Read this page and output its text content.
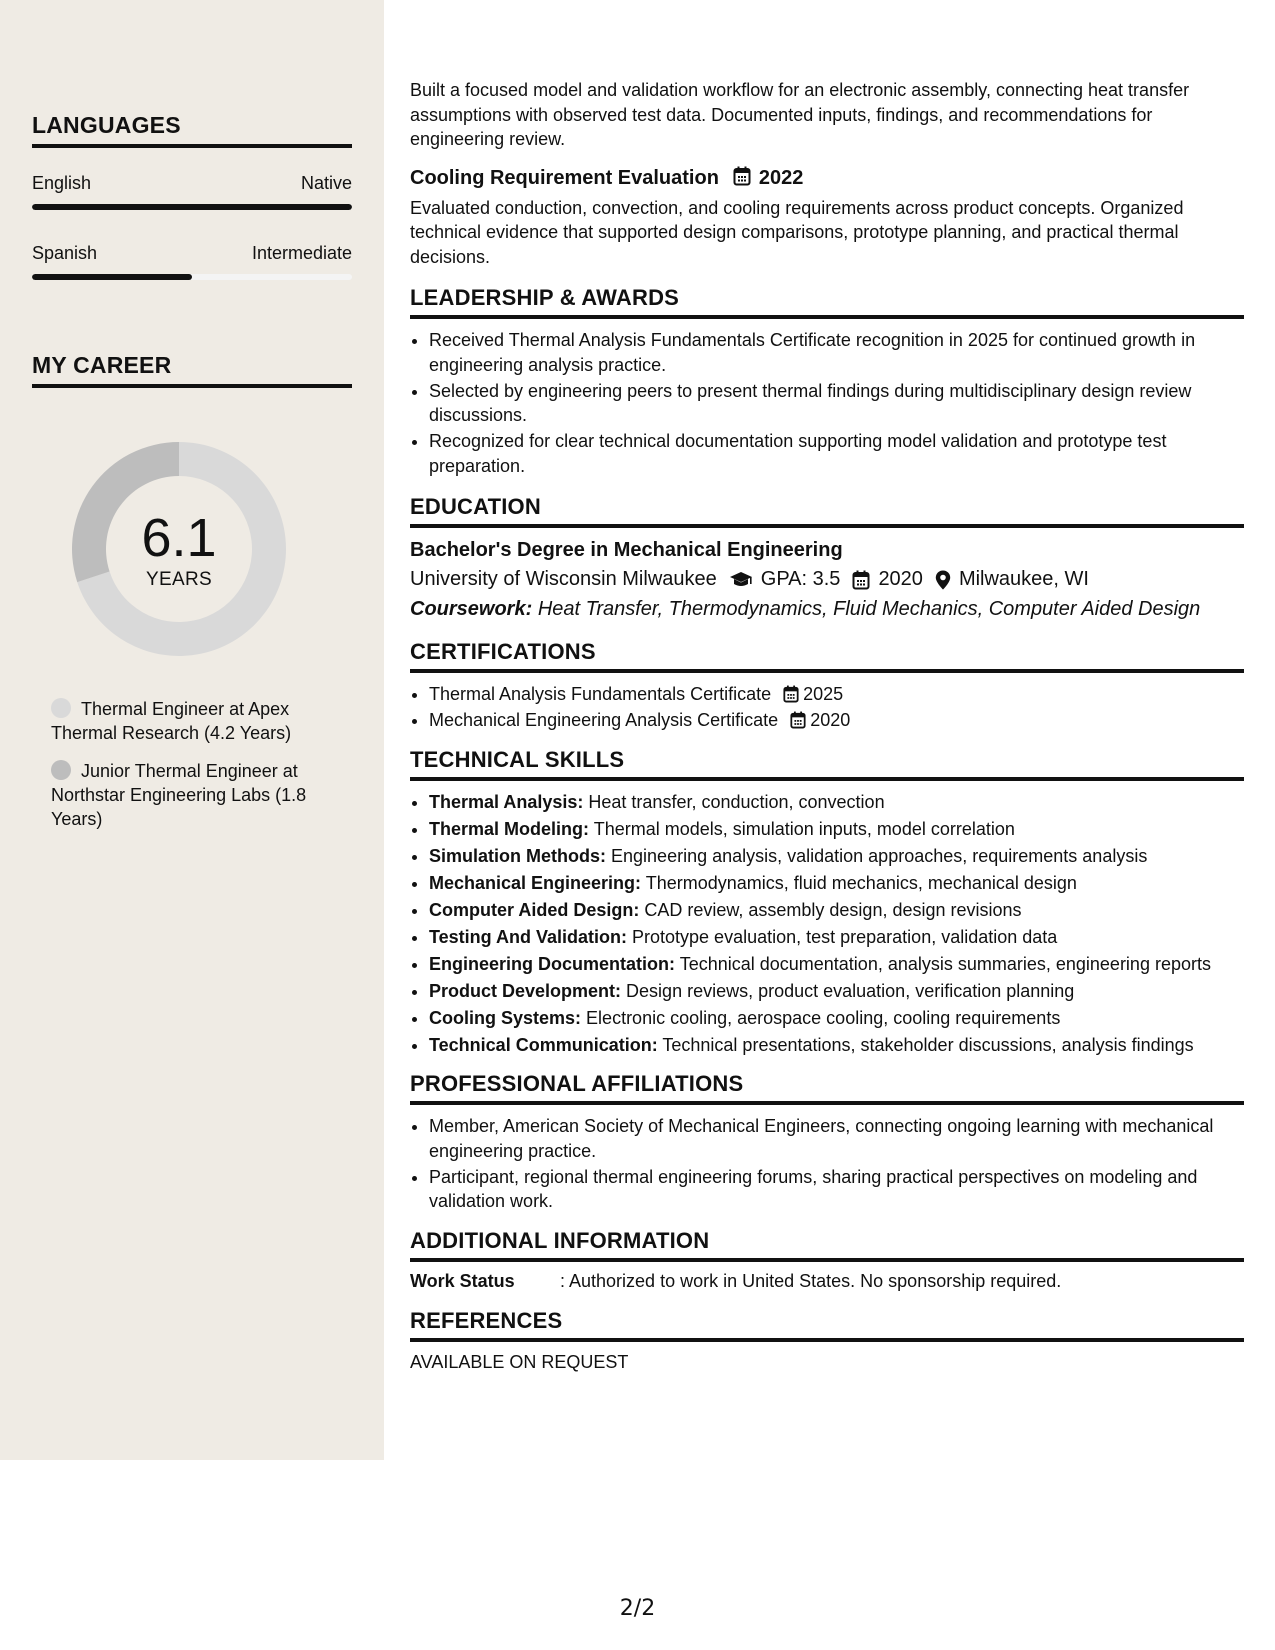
LANGUAGES
English	Native
Spanish	Intermediate
MY CAREER
6.1
YEARS
Thermal Engineer at Apex Thermal Research (4.2 Years)
Junior Thermal Engineer at Northstar Engineering Labs (1.8 Years)

Built a focused model and validation workflow for an electronic assembly, connecting heat transfer assumptions with observed test data. Documented inputs, findings, and recommendations for engineering review.

Cooling Requirement Evaluation 2022

Evaluated conduction, convection, and cooling requirements across product concepts. Organized technical evidence that supported design comparisons, prototype planning, and practical thermal decisions.

LEADERSHIP & AWARDS
• Received Thermal Analysis Fundamentals Certificate recognition in 2025 for continued growth in engineering analysis practice.
• Selected by engineering peers to present thermal findings during multidisciplinary design review discussions.
• Recognized for clear technical documentation supporting model validation and prototype test preparation.
EDUCATION
Bachelor's Degree in Mechanical Engineering
University of Wisconsin Milwaukee GPA: 3.5 2020 Milwaukee, WI
Coursework: Heat Transfer, Thermodynamics, Fluid Mechanics, Computer Aided Design
CERTIFICATIONS
• Thermal Analysis Fundamentals Certificate 2025
• Mechanical Engineering Analysis Certificate 2020
TECHNICAL SKILLS
• Thermal Analysis: Heat transfer, conduction, convection
• Thermal Modeling: Thermal models, simulation inputs, model correlation
• Simulation Methods: Engineering analysis, validation approaches, requirements analysis
• Mechanical Engineering: Thermodynamics, fluid mechanics, mechanical design
• Computer Aided Design: CAD review, assembly design, design revisions
• Testing And Validation: Prototype evaluation, test preparation, validation data
• Engineering Documentation: Technical documentation, analysis summaries, engineering reports
• Product Development: Design reviews, product evaluation, verification planning
• Cooling Systems: Electronic cooling, aerospace cooling, cooling requirements
• Technical Communication: Technical presentations, stakeholder discussions, analysis findings
PROFESSIONAL AFFILIATIONS
• Member, American Society of Mechanical Engineers, connecting ongoing learning with mechanical engineering practice.
• Participant, regional thermal engineering forums, sharing practical perspectives on modeling and validation work.
ADDITIONAL INFORMATION
Work Status	: Authorized to work in United States. No sponsorship required.
REFERENCES
AVAILABLE ON REQUEST
2/2
